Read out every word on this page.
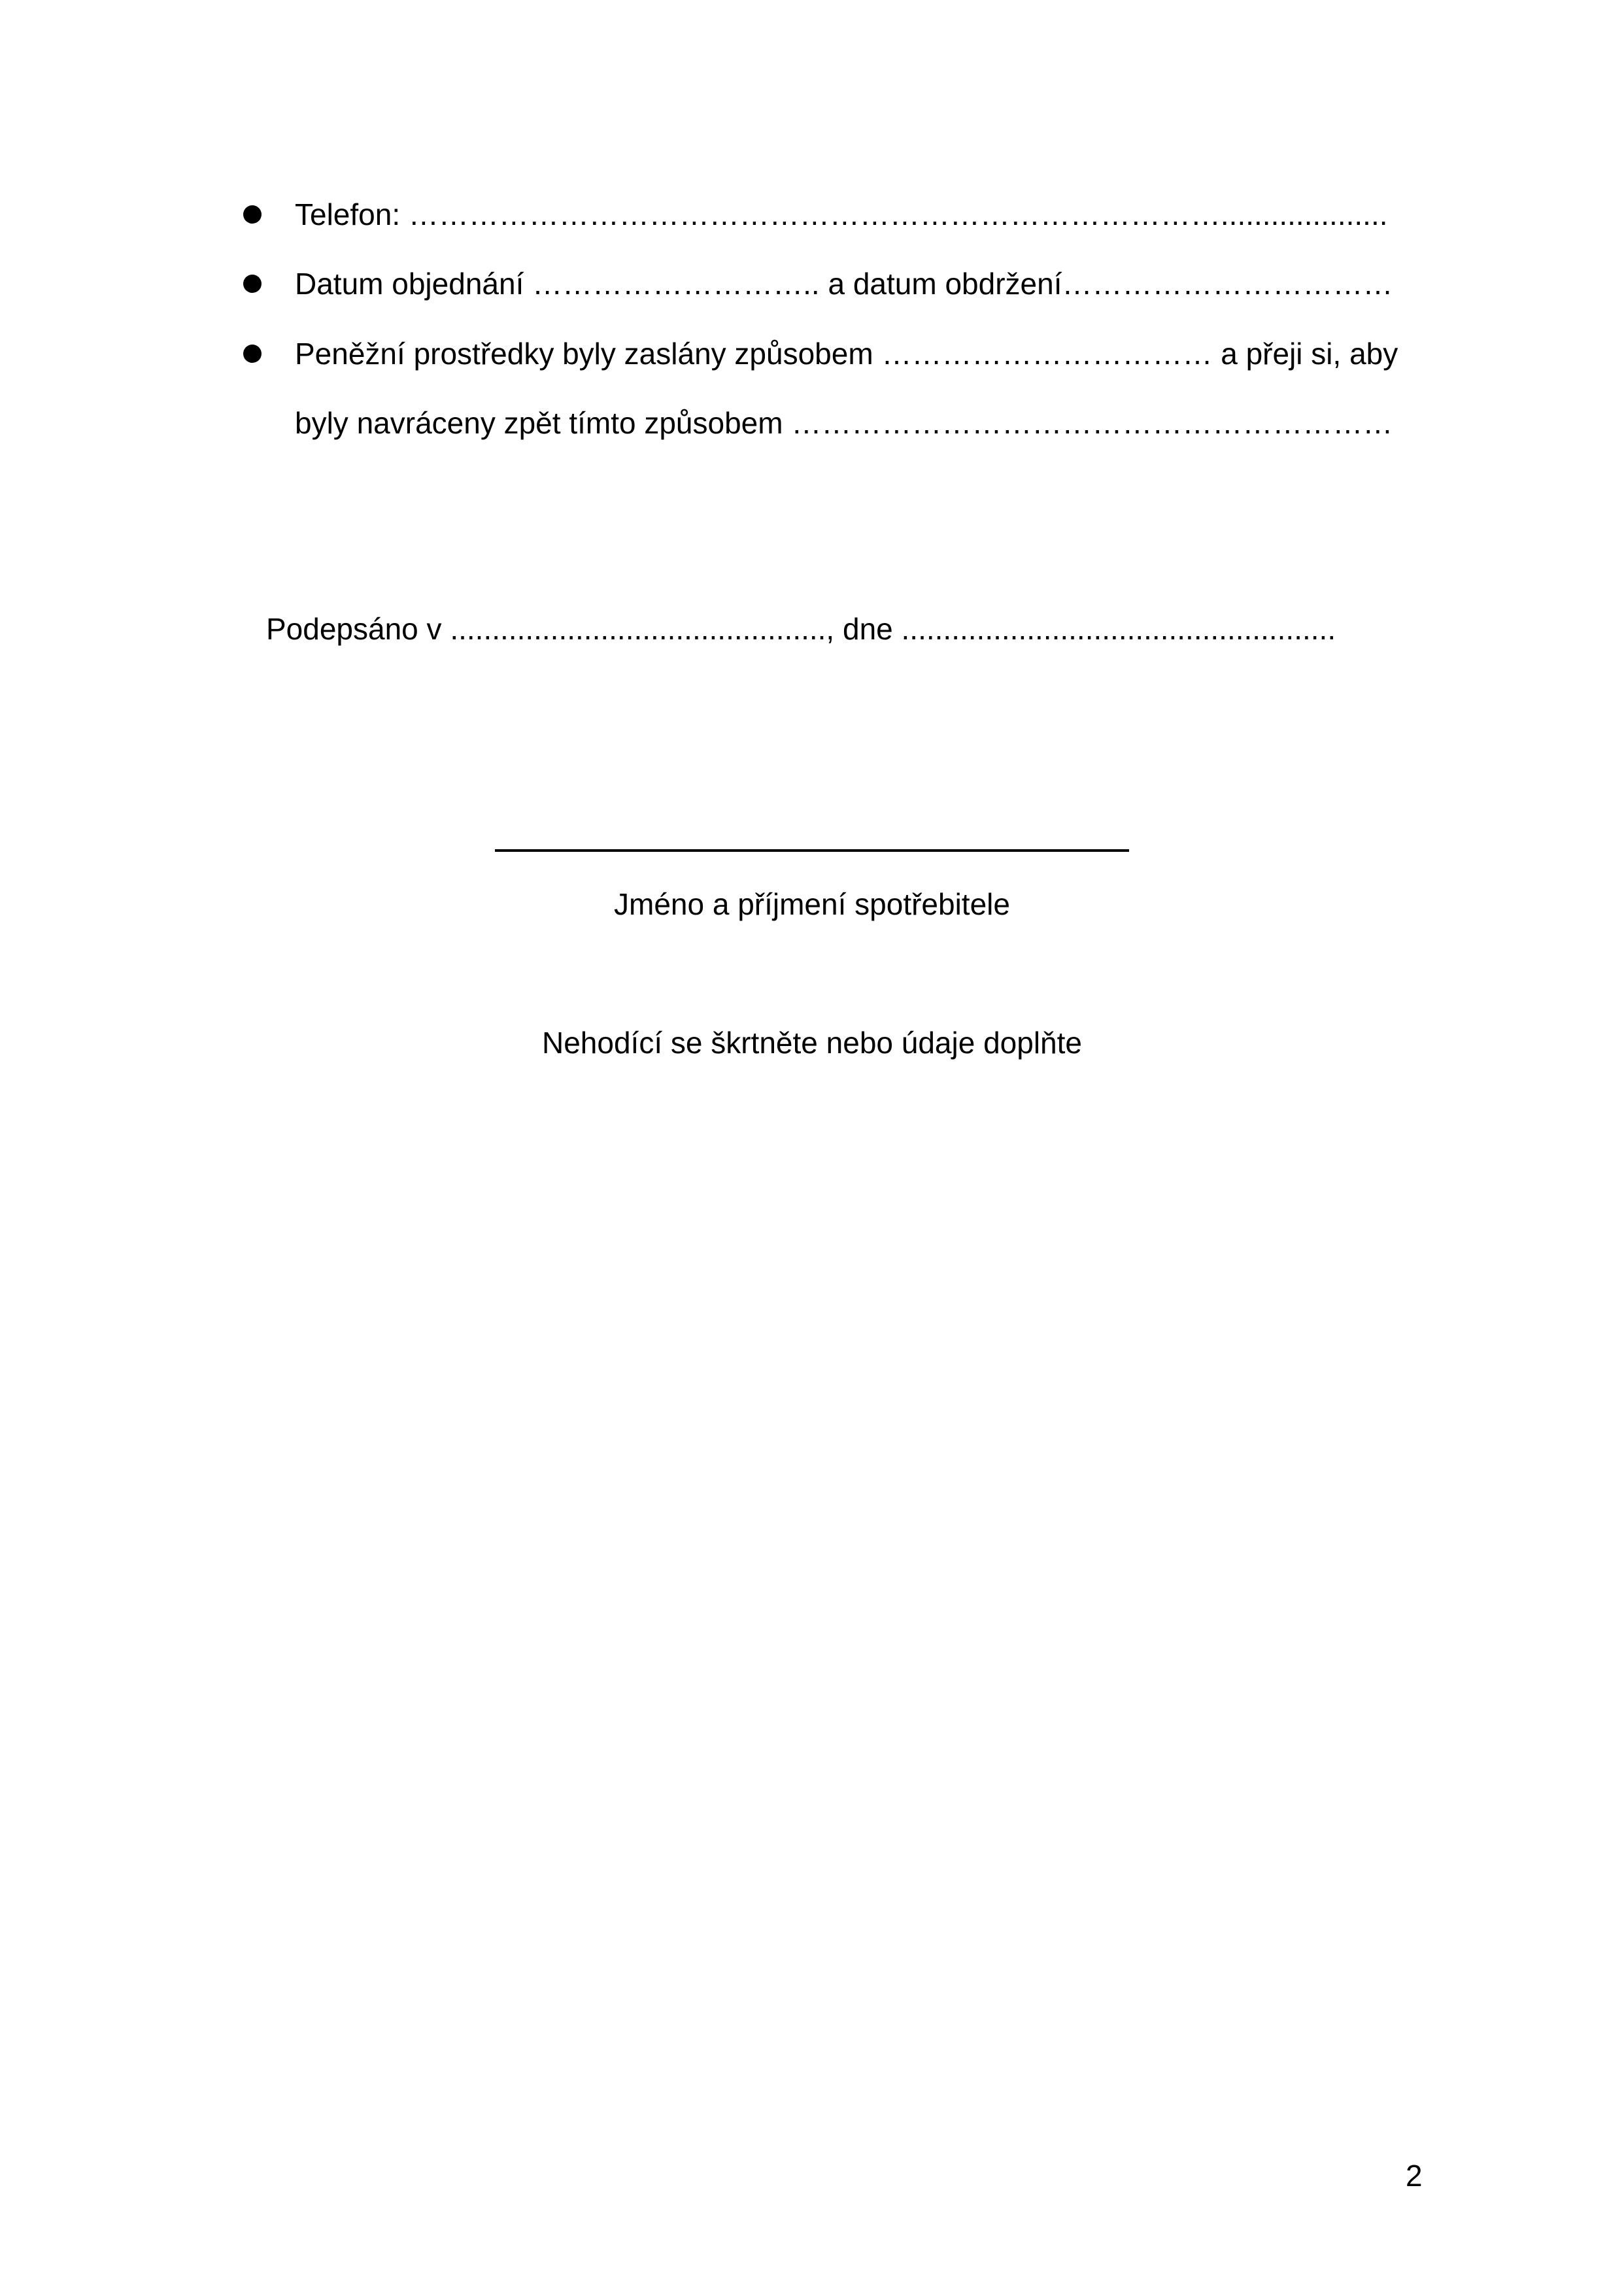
Telefon: ………………………………………………………………………....................
Datum objednání ……………………….. a datum obdržení……………………………
Peněžní prostředky byly zaslány způsobem …………………………… a přeji si, aby
byly navráceny zpět tímto způsobem ……………………………………………………
Podepsáno v ............................................., dne ....................................................
Jméno a příjmení spotřebitele
Nehodící se škrtněte nebo údaje doplňte
2
